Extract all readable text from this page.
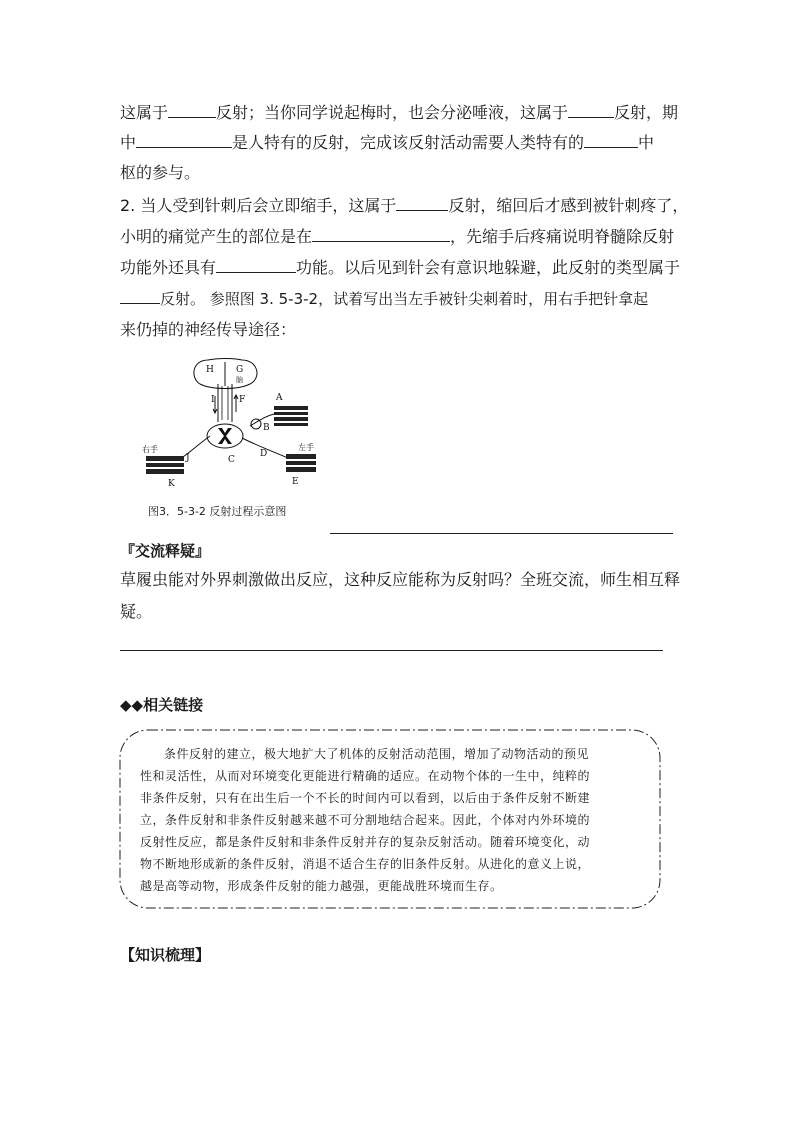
这属于	反射；当你同学说起梅时，也会分泌唾液，这属于	反射，期
中	是人特有的反射，完成该反射活动需要人类特有的	中
枢的参与。
2. 当人受到针刺后会立即缩手，这属于	反射，缩回后才感到被针刺疼了，
小明的痛觉产生的部位是在	，先缩手后疼痛说明脊髓除反射
功能外还具有	功能。以后见到针会有意识地躲避，此反射的类型属于
反射。 参照图 3. 5-3-2，试着写出当左手被针尖刺着时，用右手把针拿起
来仍掉的神经传导途径：
H G
脑
I	F	A
B
C
D
J
K	E
右手	左手
图3．5-3-2 反射过程示意图
『交流释疑』
草履虫能对外界刺激做出反应，这种反应能称为反射吗？全班交流，师生相互释
疑。
◆◆相关链接
条件反射的建立，极大地扩大了机体的反射活动范围，增加了动物活动的预见
性和灵活性，从而对环境变化更能进行精确的适应。在动物个体的一生中，纯粹的
非条件反射，只有在出生后一个不长的时间内可以看到，以后由于条件反射不断建
立，条件反射和非条件反射越来越不可分割地结合起来。因此，个体对内外环境的
反射性反应，都是条件反射和非条件反射并存的复杂反射活动。随着环境变化，动
物不断地形成新的条件反射，消退不适合生存的旧条件反射。从进化的意义上说，
越是高等动物，形成条件反射的能力越强，更能战胜环境而生存。
【知识梳理】
